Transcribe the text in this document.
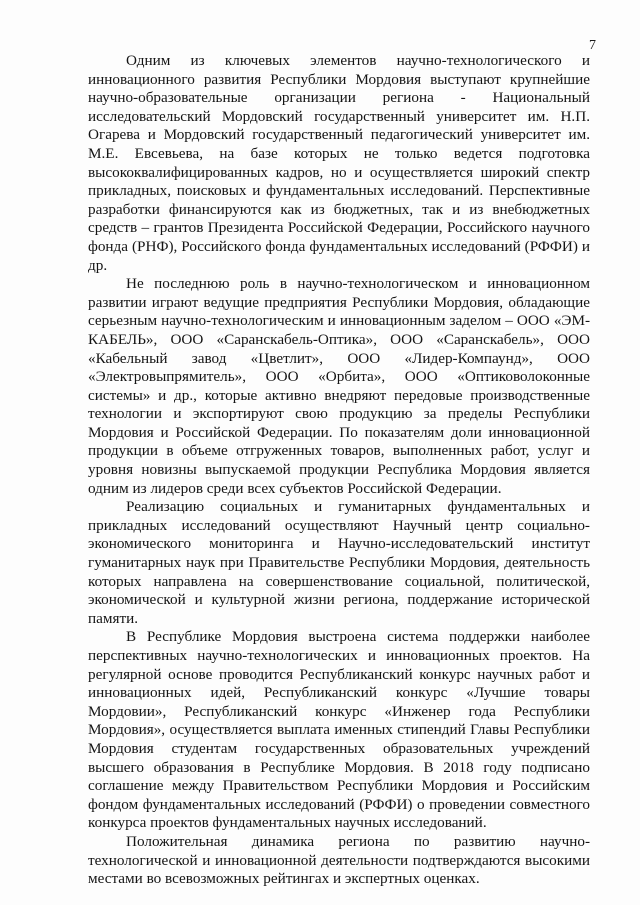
7

Одним из ключевых элементов научно-технологического и инновационного развития Республики Мордовия выступают крупнейшие научно-образовательные организации региона - Национальный исследовательский Мордовский государственный университет им. Н.П. Огарева и Мордовский государственный педагогический университет им. М.Е. Евсевьева, на базе которых не только ведется подготовка высококвалифицированных кадров, но и осуществляется широкий спектр прикладных, поисковых и фундаментальных исследований. Перспективные разработки финансируются как из бюджетных, так и из внебюджетных средств – грантов Президента Российской Федерации, Российского научного фонда (РНФ), Российского фонда фундаментальных исследований (РФФИ) и др.

Не последнюю роль в научно-технологическом и инновационном развитии играют ведущие предприятия Республики Мордовия, обладающие серьезным научно-технологическим и инновационным заделом – ООО «ЭМ-КАБЕЛЬ», ООО «Саранскабель-Оптика», ООО «Саранскабель», ООО «Кабельный завод «Цветлит», ООО «Лидер-Компаунд», ООО «Электровыпрямитель», ООО «Орбита», ООО «Оптиковолоконные системы» и др., которые активно внедряют передовые производственные технологии и экспортируют свою продукцию за пределы Республики Мордовия и Российской Федерации. По показателям доли инновационной продукции в объеме отгруженных товаров, выполненных работ, услуг и уровня новизны выпускаемой продукции Республика Мордовия является одним из лидеров среди всех субъектов Российской Федерации.

Реализацию социальных и гуманитарных фундаментальных и прикладных исследований осуществляют Научный центр социально-экономического мониторинга и Научно-исследовательский институт гуманитарных наук при Правительстве Республики Мордовия, деятельность которых направлена на совершенствование социальной, политической, экономической и культурной жизни региона, поддержание исторической памяти.

В Республике Мордовия выстроена система поддержки наиболее перспективных научно-технологических и инновационных проектов. На регулярной основе проводится Республиканский конкурс научных работ и инновационных идей, Республиканский конкурс «Лучшие товары Мордовии», Республиканский конкурс «Инженер года Республики Мордовия», осуществляется выплата именных стипендий Главы Республики Мордовия студентам государственных образовательных учреждений высшего образования в Республике Мордовия. В 2018 году подписано соглашение между Правительством Республики Мордовия и Российским фондом фундаментальных исследований (РФФИ) о проведении совместного конкурса проектов фундаментальных научных исследований.

Положительная динамика региона по развитию научно-технологической и инновационной деятельности подтверждаются высокими местами во всевозможных рейтингах и экспертных оценках.
